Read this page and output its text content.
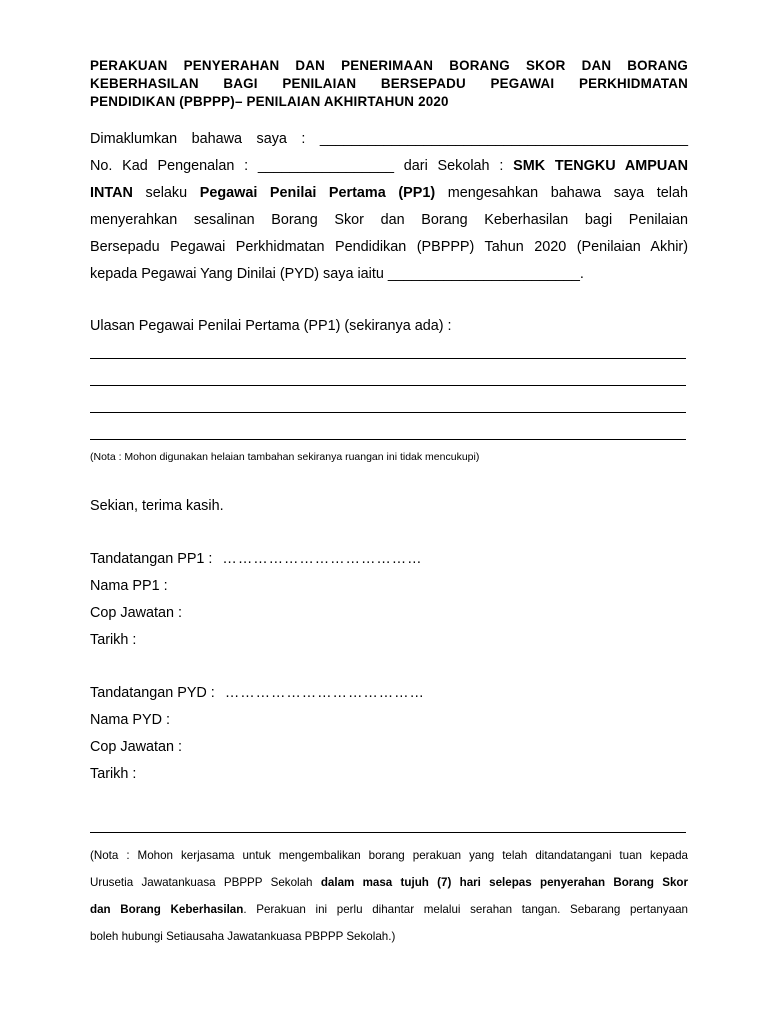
PERAKUAN PENYERAHAN DAN PENERIMAAN BORANG SKOR DAN BORANG
KEBERHASILAN BAGI PENILAIAN BERSEPADU PEGAWAI PERKHIDMATAN
PENDIDIKAN (PBPPP)– PENILAIAN AKHIRTAHUN 2020
Dimaklumkan bahawa saya : ______________________________________________
No. Kad Pengenalan : _________________ dari Sekolah : SMK TENGKU AMPUAN
INTAN selaku Pegawai Penilai Pertama (PP1) mengesahkan bahawa saya telah
menyerahkan sesalinan Borang Skor dan Borang Keberhasilan bagi Penilaian
Bersepadu Pegawai Perkhidmatan Pendidikan (PBPPP) Tahun 2020 (Penilaian Akhir)
kepada Pegawai Yang Dinilai (PYD) saya iaitu ________________________.
Ulasan Pegawai Penilai Pertama (PP1) (sekiranya ada) :
(Nota : Mohon digunakan helaian tambahan sekiranya ruangan ini tidak mencukupi)
Sekian, terima kasih.
Tandatangan PP1 : …………………………………
Nama PP1 :
Cop Jawatan :
Tarikh :
Tandatangan PYD : …………………………………
Nama PYD :
Cop Jawatan :
Tarikh :
(Nota : Mohon kerjasama untuk mengembalikan borang perakuan yang telah ditandatangani tuan kepada
Urusetia Jawatankuasa PBPPP Sekolah dalam masa tujuh (7) hari selepas penyerahan Borang Skor
dan Borang Keberhasilan. Perakuan ini perlu dihantar melalui serahan tangan. Sebarang pertanyaan
boleh hubungi Setiausaha Jawatankuasa PBPPP Sekolah.)
